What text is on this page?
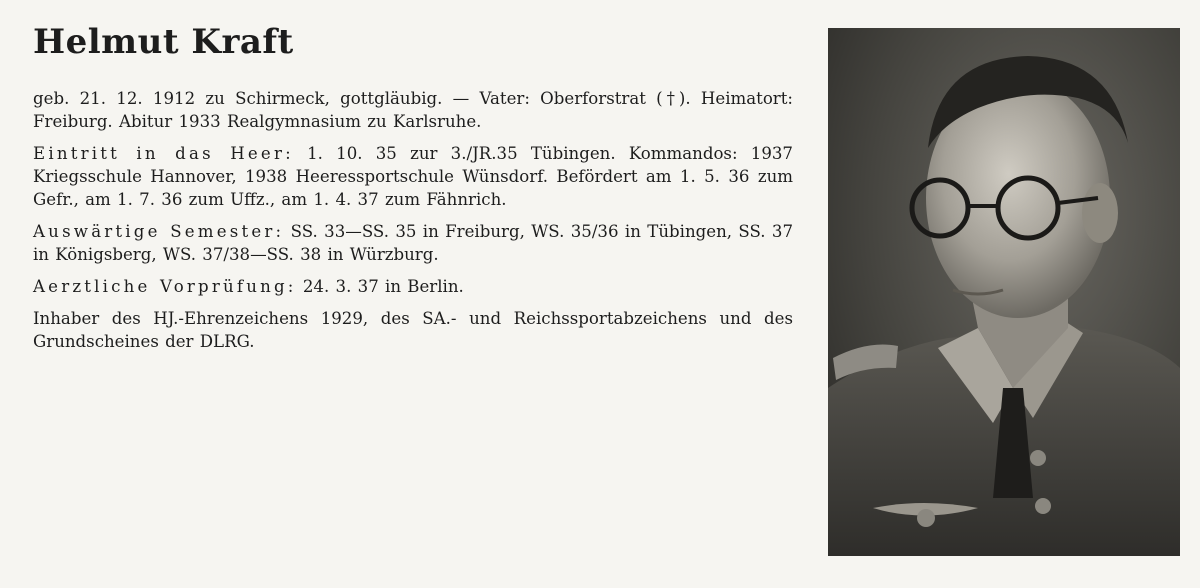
Helmut Kraft

geb. 21. 12. 1912 zu Schirmeck, gottgläubig. — Vater: Oberforstrat (†). Heimatort: Freiburg. Abitur 1933 Realgymnasium zu Karlsruhe.

Eintritt in das Heer: 1. 10. 35 zur 3./JR.35 Tübingen. Kommandos: 1937 Kriegsschule Hannover, 1938 Heeressportschule Wünsdorf. Befördert am 1. 5. 36 zum Gefr., am 1. 7. 36 zum Uffz., am 1. 4. 37 zum Fähnrich.

Auswärtige Semester: SS. 33—SS. 35 in Freiburg, WS. 35/36 in Tübingen, SS. 37 in Königsberg, WS. 37/38—SS. 38 in Würzburg.

Aerztliche Vorprüfung: 24. 3. 37 in Berlin.

Inhaber des HJ.-Ehrenzeichens 1929, des SA.- und Reichssportabzeichens und des Grundscheines der DLRG.
